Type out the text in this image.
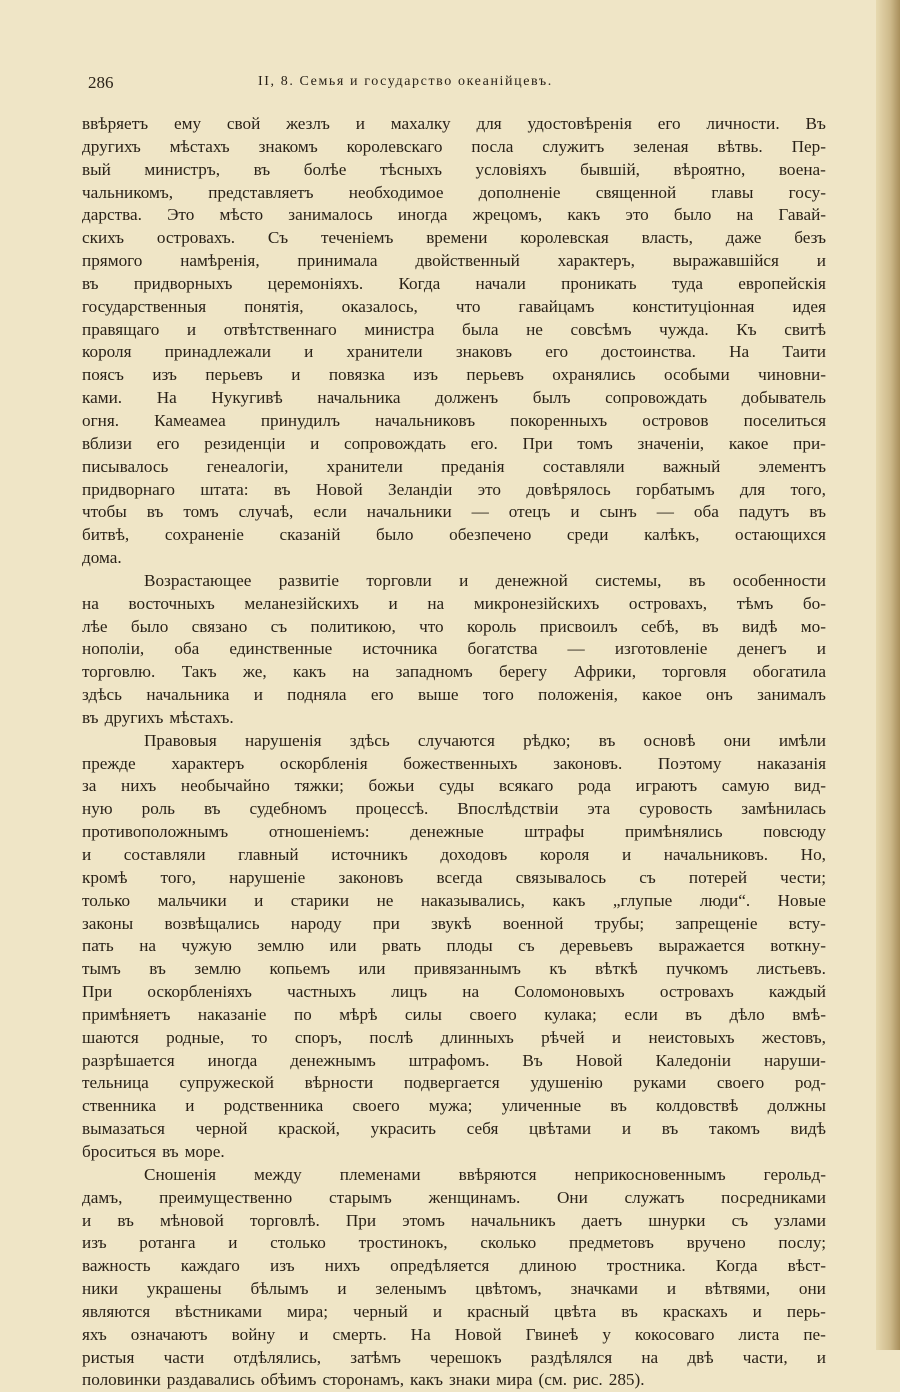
286	II, 8. Семья и государство океанійцевъ.
ввѣряетъ ему свой жезлъ и махалку для удостовѣренія его личности. Въ
другихъ мѣстахъ знакомъ королевскаго посла служитъ зеленая вѣтвь. Пер-
вый министръ, въ болѣе тѣсныхъ условіяхъ бывшій, вѣроятно, воена-
чальникомъ, представляетъ необходимое дополненіе священной главы госу-
дарства. Это мѣсто занималось иногда жрецомъ, какъ это было на Гавай-
скихъ островахъ. Съ теченіемъ времени королевская власть, даже безъ
прямого намѣренія, принимала двойственный характеръ, выражавшійся и
въ придворныхъ церемоніяхъ. Когда начали проникать туда европейскія
государственныя понятія, оказалось, что гавайцамъ конституціонная идея
правящаго и отвѣтственнаго министра была не совсѣмъ чужда. Къ свитѣ
короля принадлежали и хранители знаковъ его достоинства. На Таити
поясъ изъ перьевъ и повязка изъ перьевъ охранялись особыми чиновни-
ками. На Нукугивѣ начальника долженъ былъ сопровождать добыватель
огня. Камеамеа принудилъ начальниковъ покоренныхъ островов поселиться
вблизи его резиденціи и сопровождать его. При томъ значеніи, какое при-
писывалось генеалогіи, хранители преданія составляли важный элементъ
придворнаго штата: въ Новой Зеландіи это довѣрялось горбатымъ для того,
чтобы въ томъ случаѣ, если начальники — отецъ и сынъ — оба падутъ въ
битвѣ, сохраненіе сказаній было обезпечено среди калѣкъ, остающихся
дома.
Возрастающее развитіе торговли и денежной системы, въ особенности
на восточныхъ меланезійскихъ и на микронезійскихъ островахъ, тѣмъ бо-
лѣе было связано съ политикою, что король присвоилъ себѣ, въ видѣ мо-
нополіи, оба единственные источника богатства — изготовленіе денегъ и
торговлю. Такъ же, какъ на западномъ берегу Африки, торговля обогатила
здѣсь начальника и подняла его выше того положенія, какое онъ занималъ
въ другихъ мѣстахъ.
Правовыя нарушенія здѣсь случаются рѣдко; въ основѣ они имѣли
прежде характеръ оскорбленія божественныхъ законовъ. Поэтому наказанія
за нихъ необычайно тяжки; божьи суды всякаго рода играютъ самую вид-
ную роль въ судебномъ процессѣ. Впослѣдствіи эта суровость замѣнилась
противоположнымъ отношеніемъ: денежные штрафы примѣнялись повсюду
и составляли главный источникъ доходовъ короля и начальниковъ. Но,
кромѣ того, нарушеніе законовъ всегда связывалось съ потерей чести;
только мальчики и старики не наказывались, какъ „глупые люди“. Новые
законы возвѣщались народу при звукѣ военной трубы; запрещеніе всту-
пать на чужую землю или рвать плоды съ деревьевъ выражается воткну-
тымъ въ землю копьемъ или привязаннымъ къ вѣткѣ пучкомъ листьевъ.
При оскорбленіяхъ частныхъ лицъ на Соломоновыхъ островахъ каждый
примѣняетъ наказаніе по мѣрѣ силы своего кулака; если въ дѣло вмѣ-
шаются родные, то споръ, послѣ длинныхъ рѣчей и неистовыхъ жестовъ,
разрѣшается иногда денежнымъ штрафомъ. Въ Новой Каледоніи наруши-
тельница супружеской вѣрности подвергается удушенію руками своего род-
ственника и родственника своего мужа; уличенные въ колдовствѣ должны
вымазаться черной краской, украсить себя цвѣтами и въ такомъ видѣ
броситься въ море.
Сношенія между племенами ввѣряются неприкосновеннымъ герольд-
дамъ, преимущественно старымъ женщинамъ. Они служатъ посредниками
и въ мѣновой торговлѣ. При этомъ начальникъ даетъ шнурки съ узлами
изъ ротанга и столько тростинокъ, сколько предметовъ вручено послу;
важность каждаго изъ нихъ опредѣляется длиною тростника. Когда вѣст-
ники украшены бѣлымъ и зеленымъ цвѣтомъ, значками и вѣтвями, они
являются вѣстниками мира; черный и красный цвѣта въ краскахъ и перь-
яхъ означаютъ войну и смерть. На Новой Гвинеѣ у кокосоваго листа пе-
ристыя части отдѣлялись, затѣмъ черешокъ раздѣлялся на двѣ части, и
половинки раздавались обѣимъ сторонамъ, какъ знаки мира (см. рис. 285).
